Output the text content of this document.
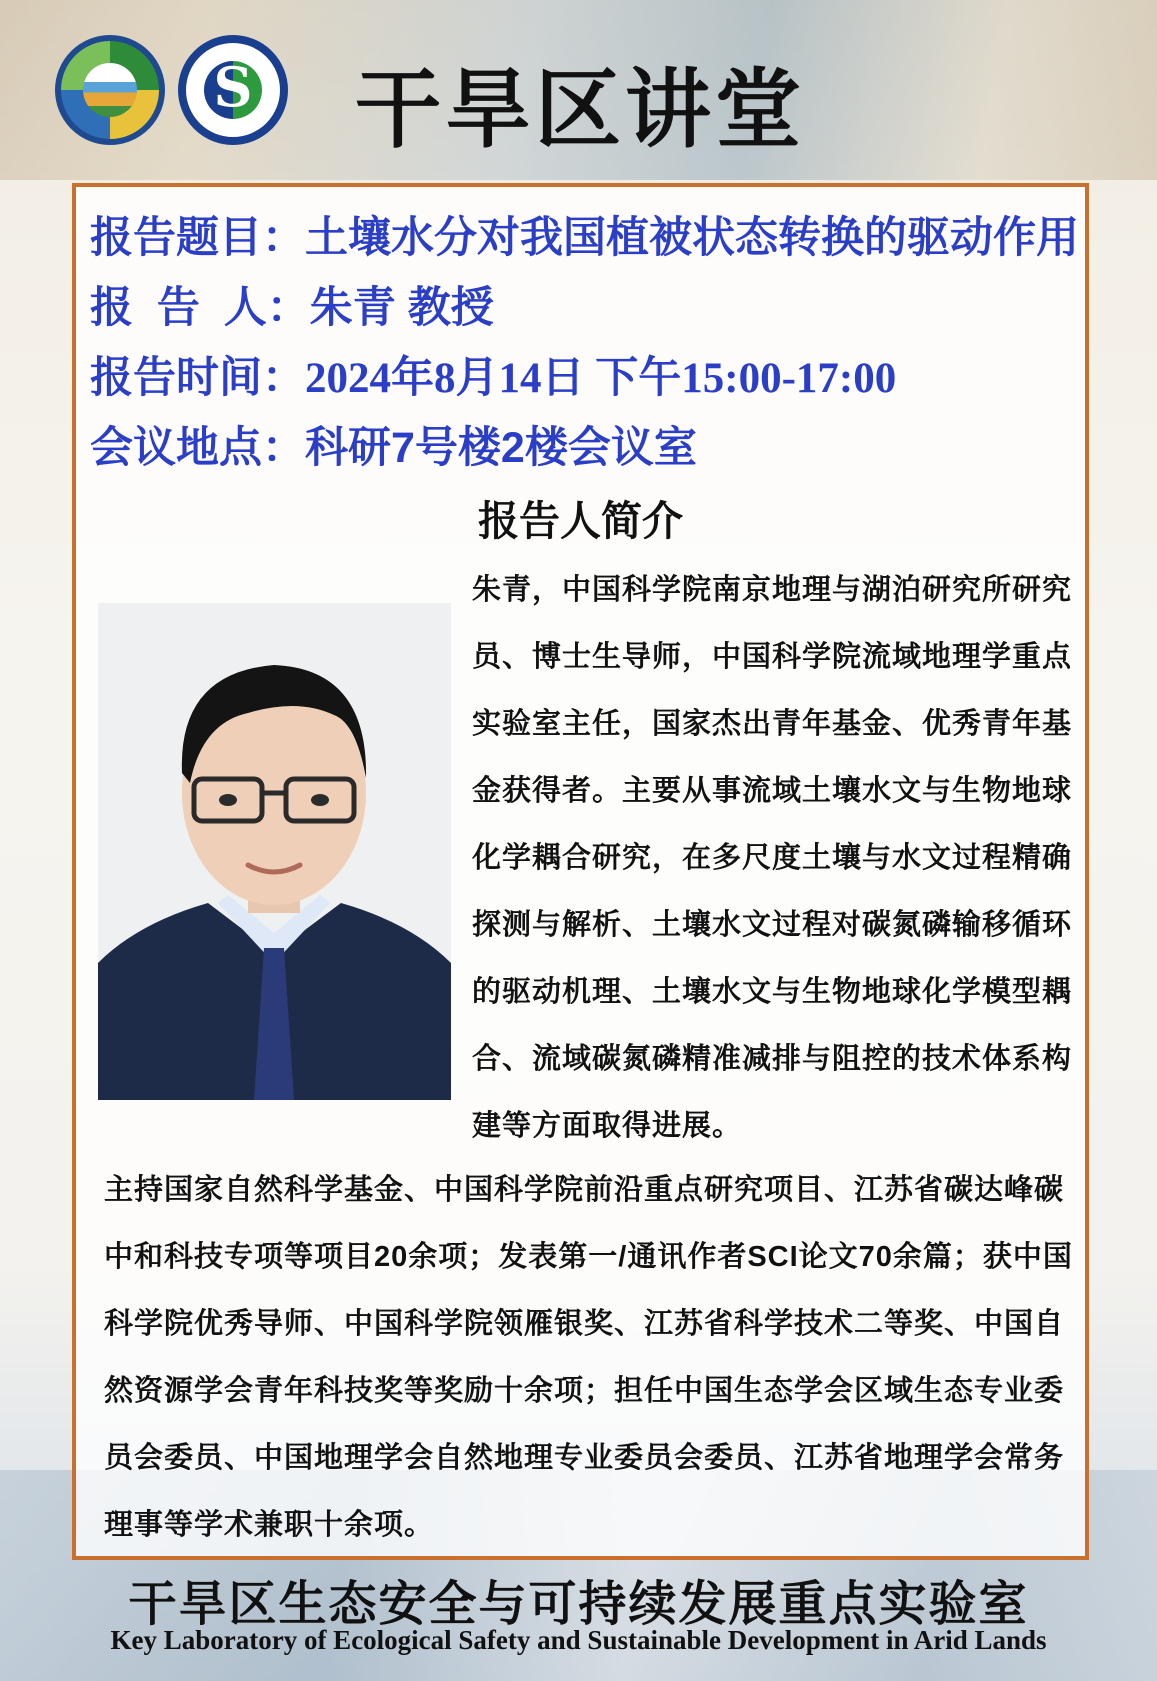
S	干旱区讲堂
报告题目：土壤水分对我国植被状态转换的驱动作用
报  告  人：朱青 教授
报告时间：2024年8月14日 下午15:00-17:00
会议地点：科研7号楼2楼会议室
报告人简介
朱青，中国科学院南京地理与湖泊研究所研究
员、博士生导师，中国科学院流域地理学重点
实验室主任，国家杰出青年基金、优秀青年基
金获得者。主要从事流域土壤水文与生物地球
化学耦合研究，在多尺度土壤与水文过程精确
探测与解析、土壤水文过程对碳氮磷输移循环
的驱动机理、土壤水文与生物地球化学模型耦
合、流域碳氮磷精准减排与阻控的技术体系构
建等方面取得进展。
主持国家自然科学基金、中国科学院前沿重点研究项目、江苏省碳达峰碳
中和科技专项等项目20余项；发表第一/通讯作者SCI论文70余篇；获中国
科学院优秀导师、中国科学院领雁银奖、江苏省科学技术二等奖、中国自
然资源学会青年科技奖等奖励十余项；担任中国生态学会区域生态专业委
员会委员、中国地理学会自然地理专业委员会委员、江苏省地理学会常务
理事等学术兼职十余项。
干旱区生态安全与可持续发展重点实验室
Key Laboratory of Ecological Safety and Sustainable Development in Arid Lands
